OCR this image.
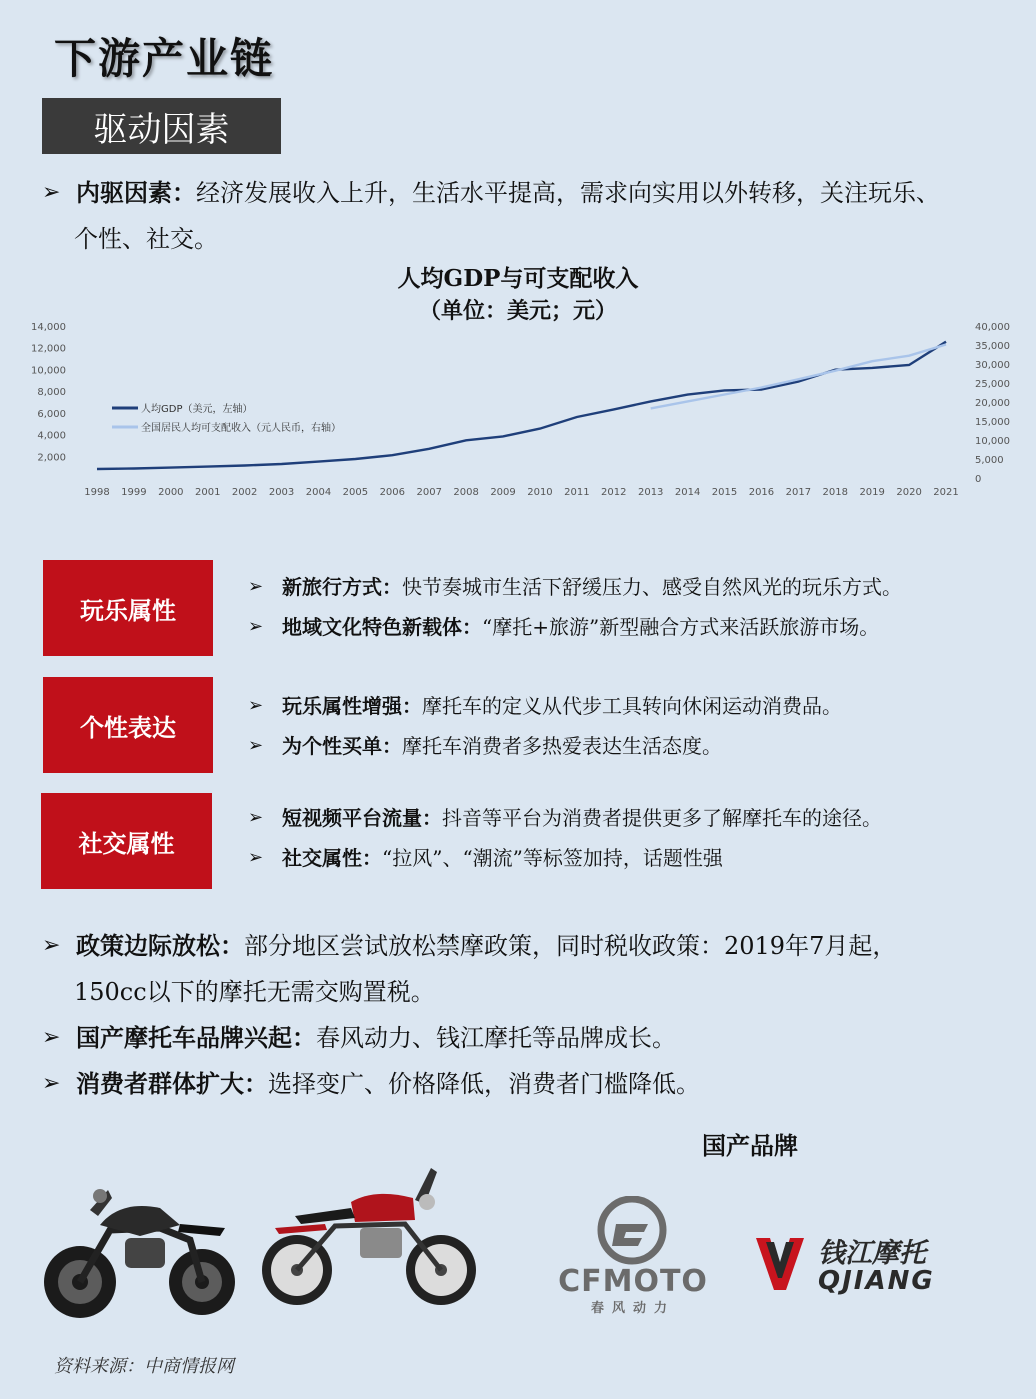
下游产业链
驱动因素
➢ 内驱因素：经济发展收入上升，生活水平提高，需求向实用以外转移，关注玩乐、
个性、社交。
人均GDP与可支配收入
（单位：美元；元）
14,000
12,000
10,000
8,000
6,000
4,000
2,000
40,000
35,000
30,000
25,000
20,000
15,000
10,000
5,000
0
1998 1999 2000 2001 2002 2003 2004 2005 2006 2007 2008 2009 2010 2011 2012 2013 2014 2015 2016 2017 2018 2019 2020 2021
人均GDP（美元，左轴）
全国居民人均可支配收入（元人民币，右轴）
玩乐属性
➢ 新旅行方式：快节奏城市生活下舒缓压力、感受自然风光的玩乐方式。
➢ 地域文化特色新载体：“摩托+旅游”新型融合方式来活跃旅游市场。
个性表达
➢ 玩乐属性增强：摩托车的定义从代步工具转向休闲运动消费品。
➢ 为个性买单：摩托车消费者多热爱表达生活态度。
社交属性
➢ 短视频平台流量：抖音等平台为消费者提供更多了解摩托车的途径。
➢ 社交属性：“拉风”、“潮流”等标签加持，话题性强
➢ 政策边际放松：部分地区尝试放松禁摩政策，同时税收政策：2019年7月起，
150cc以下的摩托无需交购置税。
➢ 国产摩托车品牌兴起：春风动力、钱江摩托等品牌成长。
➢ 消费者群体扩大：选择变广、价格降低，消费者门槛降低。
国产品牌
CFMOTO
春风动力
钱江摩托
QJIANG
资料来源：中商情报网
